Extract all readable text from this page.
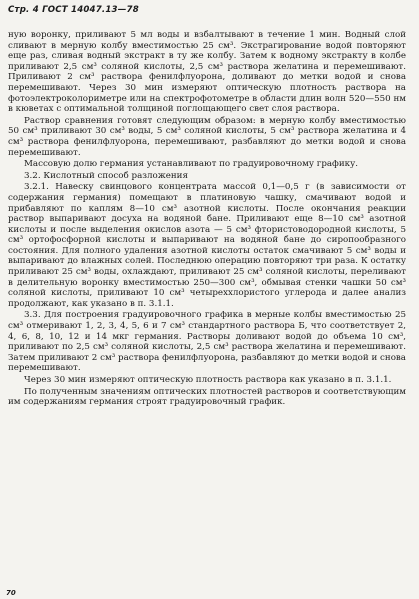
Стр. 4 ГОСТ 14047.13—78

ную воронку, приливают 5 мл воды и взбалтывают в течение 1 мин. Водный слой сливают в мерную колбу вместимостью 25 см³. Экстрагирование водой повторяют еще раз, сливая водный экстракт в ту же колбу. Затем к водному экстракту в колбе приливают 2,5 см³ соляной кислоты, 2,5 см³ раствора желатина и перемешивают. Приливают 2 см³ раствора фенилфлуорона, доливают до метки водой и снова перемешивают. Через 30 мин измеряют оптическую плотность раствора на фотоэлектроколориметре или на спектрофотометре в области длин волн 520—550 нм в кюветах с оптимальной толщиной поглощающего свет слоя раствора.

Раствор сравнения готовят следующим образом: в мерную колбу вместимостью 50 см³ приливают 30 см³ воды, 5 см³ соляной кислоты, 5 см³ раствора желатина и 4 см³ раствора фенилфлуорона, перемешивают, разбавляют до метки водой и снова перемешивают.

Массовую долю германия устанавливают по градуировочному графику.

3.2. Кислотный способ разложения

3.2.1. Навеску свинцового концентрата массой 0,1—0,5 г (в зависимости от содержания германия) помещают в платиновую чашку, смачивают водой и прибавляют по каплям 8—10 см³ азотной кислоты. После окончания реакции раствор выпаривают досуха на водяной бане. Приливают еще 8—10 см³ азотной кислоты и после выделения окислов азота — 5 см³ фтористоводородной кислоты, 5 см³ ортофосфорной кислоты и выпаривают на водяной бане до сиропообразного состояния. Для полного удаления азотной кислоты остаток смачивают 5 см³ воды и выпаривают до влажных солей. Последнюю операцию повторяют три раза. К остатку приливают 25 см³ воды, охлаждают, приливают 25 см³ соляной кислоты, переливают в делительную воронку вместимостью 250—300 см³, обмывая стенки чашки 50 см³ соляной кислоты, приливают 10 см³ четыреххлористого углерода и далее анализ продолжают, как указано в п. 3.1.1.

3.3. Для построения градуировочного графика в мерные колбы вместимостью 25 см³ отмеривают 1, 2, 3, 4, 5, 6 и 7 см³ стандартного раствора Б, что соответствует 2, 4, 6, 8, 10, 12 и 14 мкг германия. Растворы доливают водой до объема 10 см³, приливают по 2,5 см³ соляной кислоты, 2,5 см³ раствора желатина и перемешивают. Затем приливают 2 см³ раствора фенилфлуорона, разбавляют до метки водой и снова перемешивают.

Через 30 мин измеряют оптическую плотность раствора как указано в п. 3.1.1.

По полученным значениям оптических плотностей растворов и соответствующим им содержаниям германия строят градуировочный график.

70
